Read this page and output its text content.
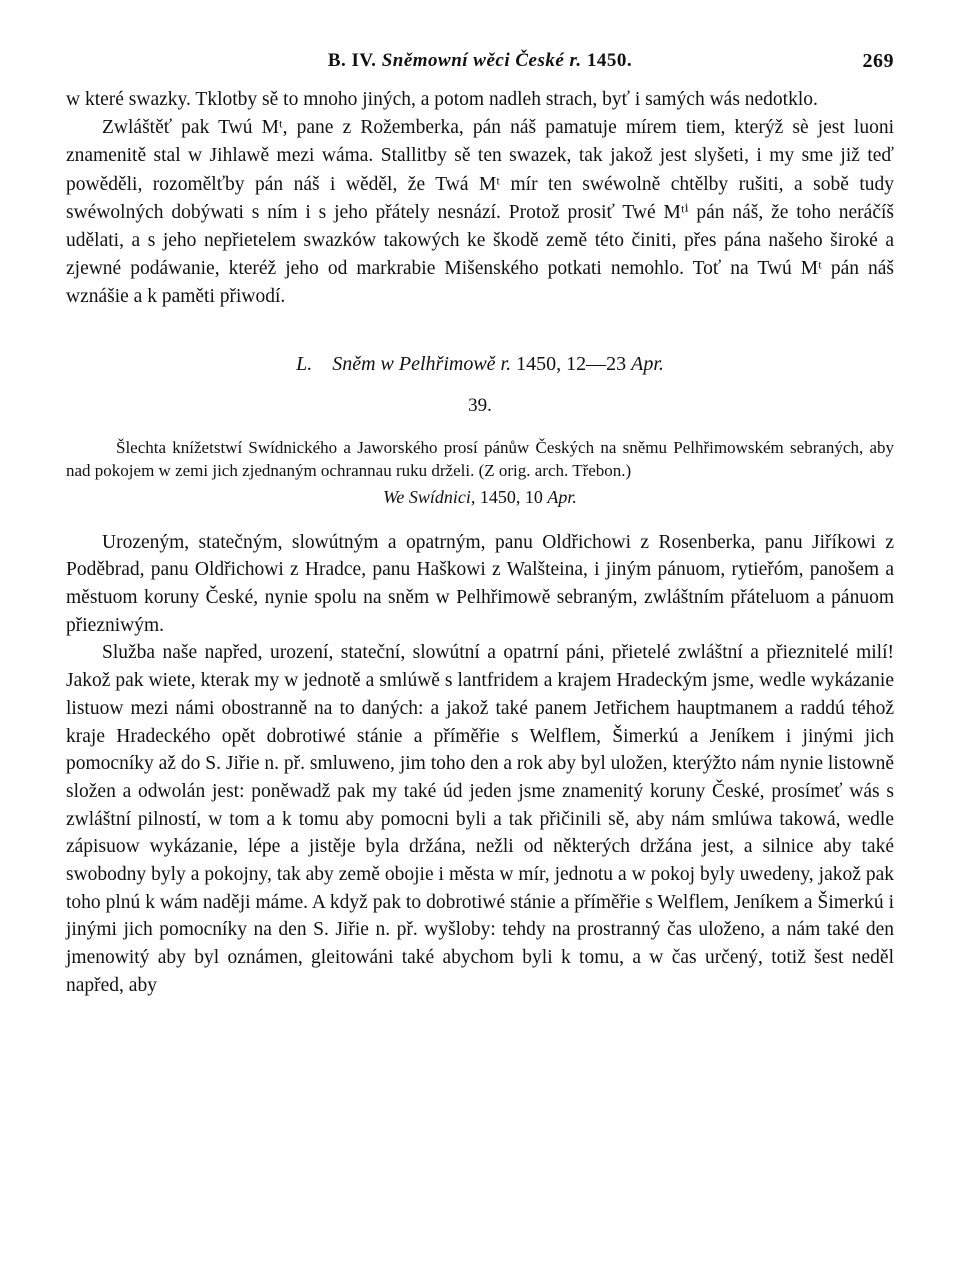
B. IV. Sněmowní wěci České r. 1450.	269

w které swazky. Tklotby sě to mnoho jiných, a potom nadleh strach, byť i samých wás nedotklo.

Zwláštěť pak Twú Mᵗ, pane z Rožemberka, pán náš pamatuje mírem tiem, kterýž sè jest luoni znamenitě stal w Jihlawě mezi wáma. Stallitby sě ten swazek, tak jakož jest slyšeti, i my sme již teď powěděli, rozomělťby pán náš i wěděl, že Twá Mᵗ mír ten swéwolně chtělby rušiti, a sobě tudy swéwolných dobýwati s ním i s jeho přátely nesnází. Protož prosiť Twé Mᵗⁱ pán náš, že toho neráčíš udělati, a s jeho nepřietelem swazków takowých ke škodě země této činiti, přes pána našeho široké a zjewné podáwanie, kteréž jeho od markrabie Mišenského potkati nemohlo. Toť na Twú Mᵗ pán náš wznášie a k paměti přiwodí.

L. Sněm w Pelhřimowě r. 1450, 12—23 Apr.
39.
Šlechta knížetstwí Swídnického a Jaworského prosí pánůw Českých na sněmu Pelhřimowském sebraných, aby nad pokojem w zemi jich zjednaným ochrannau ruku drželi. (Z orig. arch. Třebon.)
We Swídnici, 1450, 10 Apr.

Urozeným, statečným, slowútným a opatrným, panu Oldřichowi z Rosenberka, panu Jiříkowi z Poděbrad, panu Oldřichowi z Hradce, panu Haškowi z Walšteina, i jiným pánuom, rytieřóm, panošem a městuom koruny České, nynie spolu na sněm w Pelhřimowě sebraným, zwláštním přáteluom a pánuom přiezniwým.

Služba naše napřed, urození, stateční, slowútní a opatrní páni, přietelé zwláštní a přieznitelé milí! Jakož pak wiete, kterak my w jednotě a smlúwě s lantfridem a krajem Hradeckým jsme, wedle wykázanie listuow mezi námi obostranně na to daných: a jakož také panem Jetřichem hauptmanem a raddú téhož kraje Hradeckého opět dobrotiwé stánie a příměřie s Welflem, Šimerkú a Jeníkem i jinými jich pomocníky až do S. Jiřie n. př. smluweno, jim toho den a rok aby byl uložen, kterýžto nám nynie listowně složen a odwolán jest: poněwadž pak my také úd jeden jsme znamenitý koruny České, prosímeť wás s zwláštní pilností, w tom a k tomu aby pomocni byli a tak přičinili sě, aby nám smlúwa takowá, wedle zápisuow wykázanie, lépe a jistěje byla držána, nežli od některých držána jest, a silnice aby také swobodny byly a pokojny, tak aby země obojie i města w mír, jednotu a w pokoj byly uwedeny, jakož pak toho plnú k wám naději máme. A když pak to dobrotiwé stánie a příměřie s Welflem, Jeníkem a Šimerkú i jinými jich pomocníky na den S. Jiřie n. př. wyšloby: tehdy na prostranný čas uloženo, a nám také den jmenowitý aby byl oznámen, gleitowáni také abychom byli k tomu, a w čas určený, totiž šest neděl napřed, aby
